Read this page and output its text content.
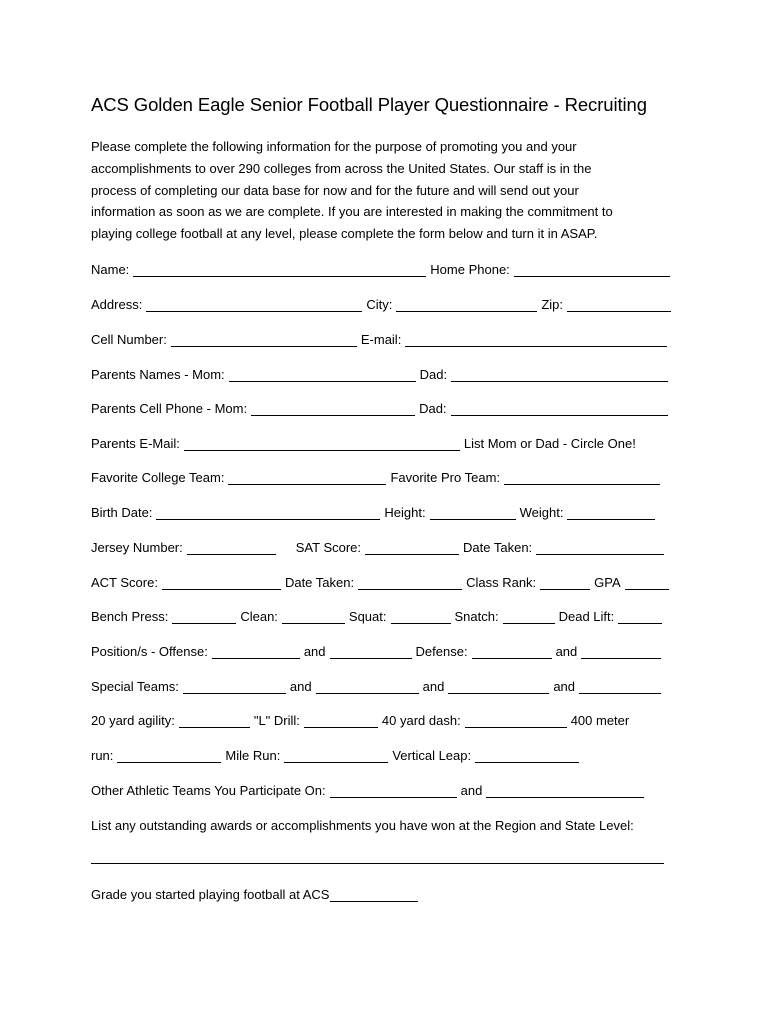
ACS Golden Eagle Senior Football Player Questionnaire - Recruiting
Please complete the following information for the purpose of promoting you and your
accomplishments to over 290 colleges from across the United States. Our staff is in the
process of completing our data base for now and for the future and will send out your
information as soon as we are complete. If you are interested in making the commitment to
playing college football at any level, please complete the form below and turn it in ASAP.
Name:	Home Phone:
Address:	City:	Zip:
Cell Number:	E-mail:
Parents Names - Mom:	Dad:
Parents Cell Phone - Mom:	Dad:
Parents E-Mail:	List Mom or Dad - Circle One!
Favorite College Team:	Favorite Pro Team:
Birth Date:	Height:	Weight:
Jersey Number:	SAT Score:	Date Taken:
ACT Score:	Date Taken:	Class Rank:	GPA
Bench Press:	Clean:	Squat:	Snatch:	Dead Lift:
Position/s - Offense:	and	Defense:	and
Special Teams:	and	and	and
20 yard agility:	"L" Drill:	40 yard dash:	400 meter
run:	Mile Run:	Vertical Leap:
Other Athletic Teams You Participate On:	and
List any outstanding awards or accomplishments you have won at the Region and State Level:
Grade you started playing football at ACS
